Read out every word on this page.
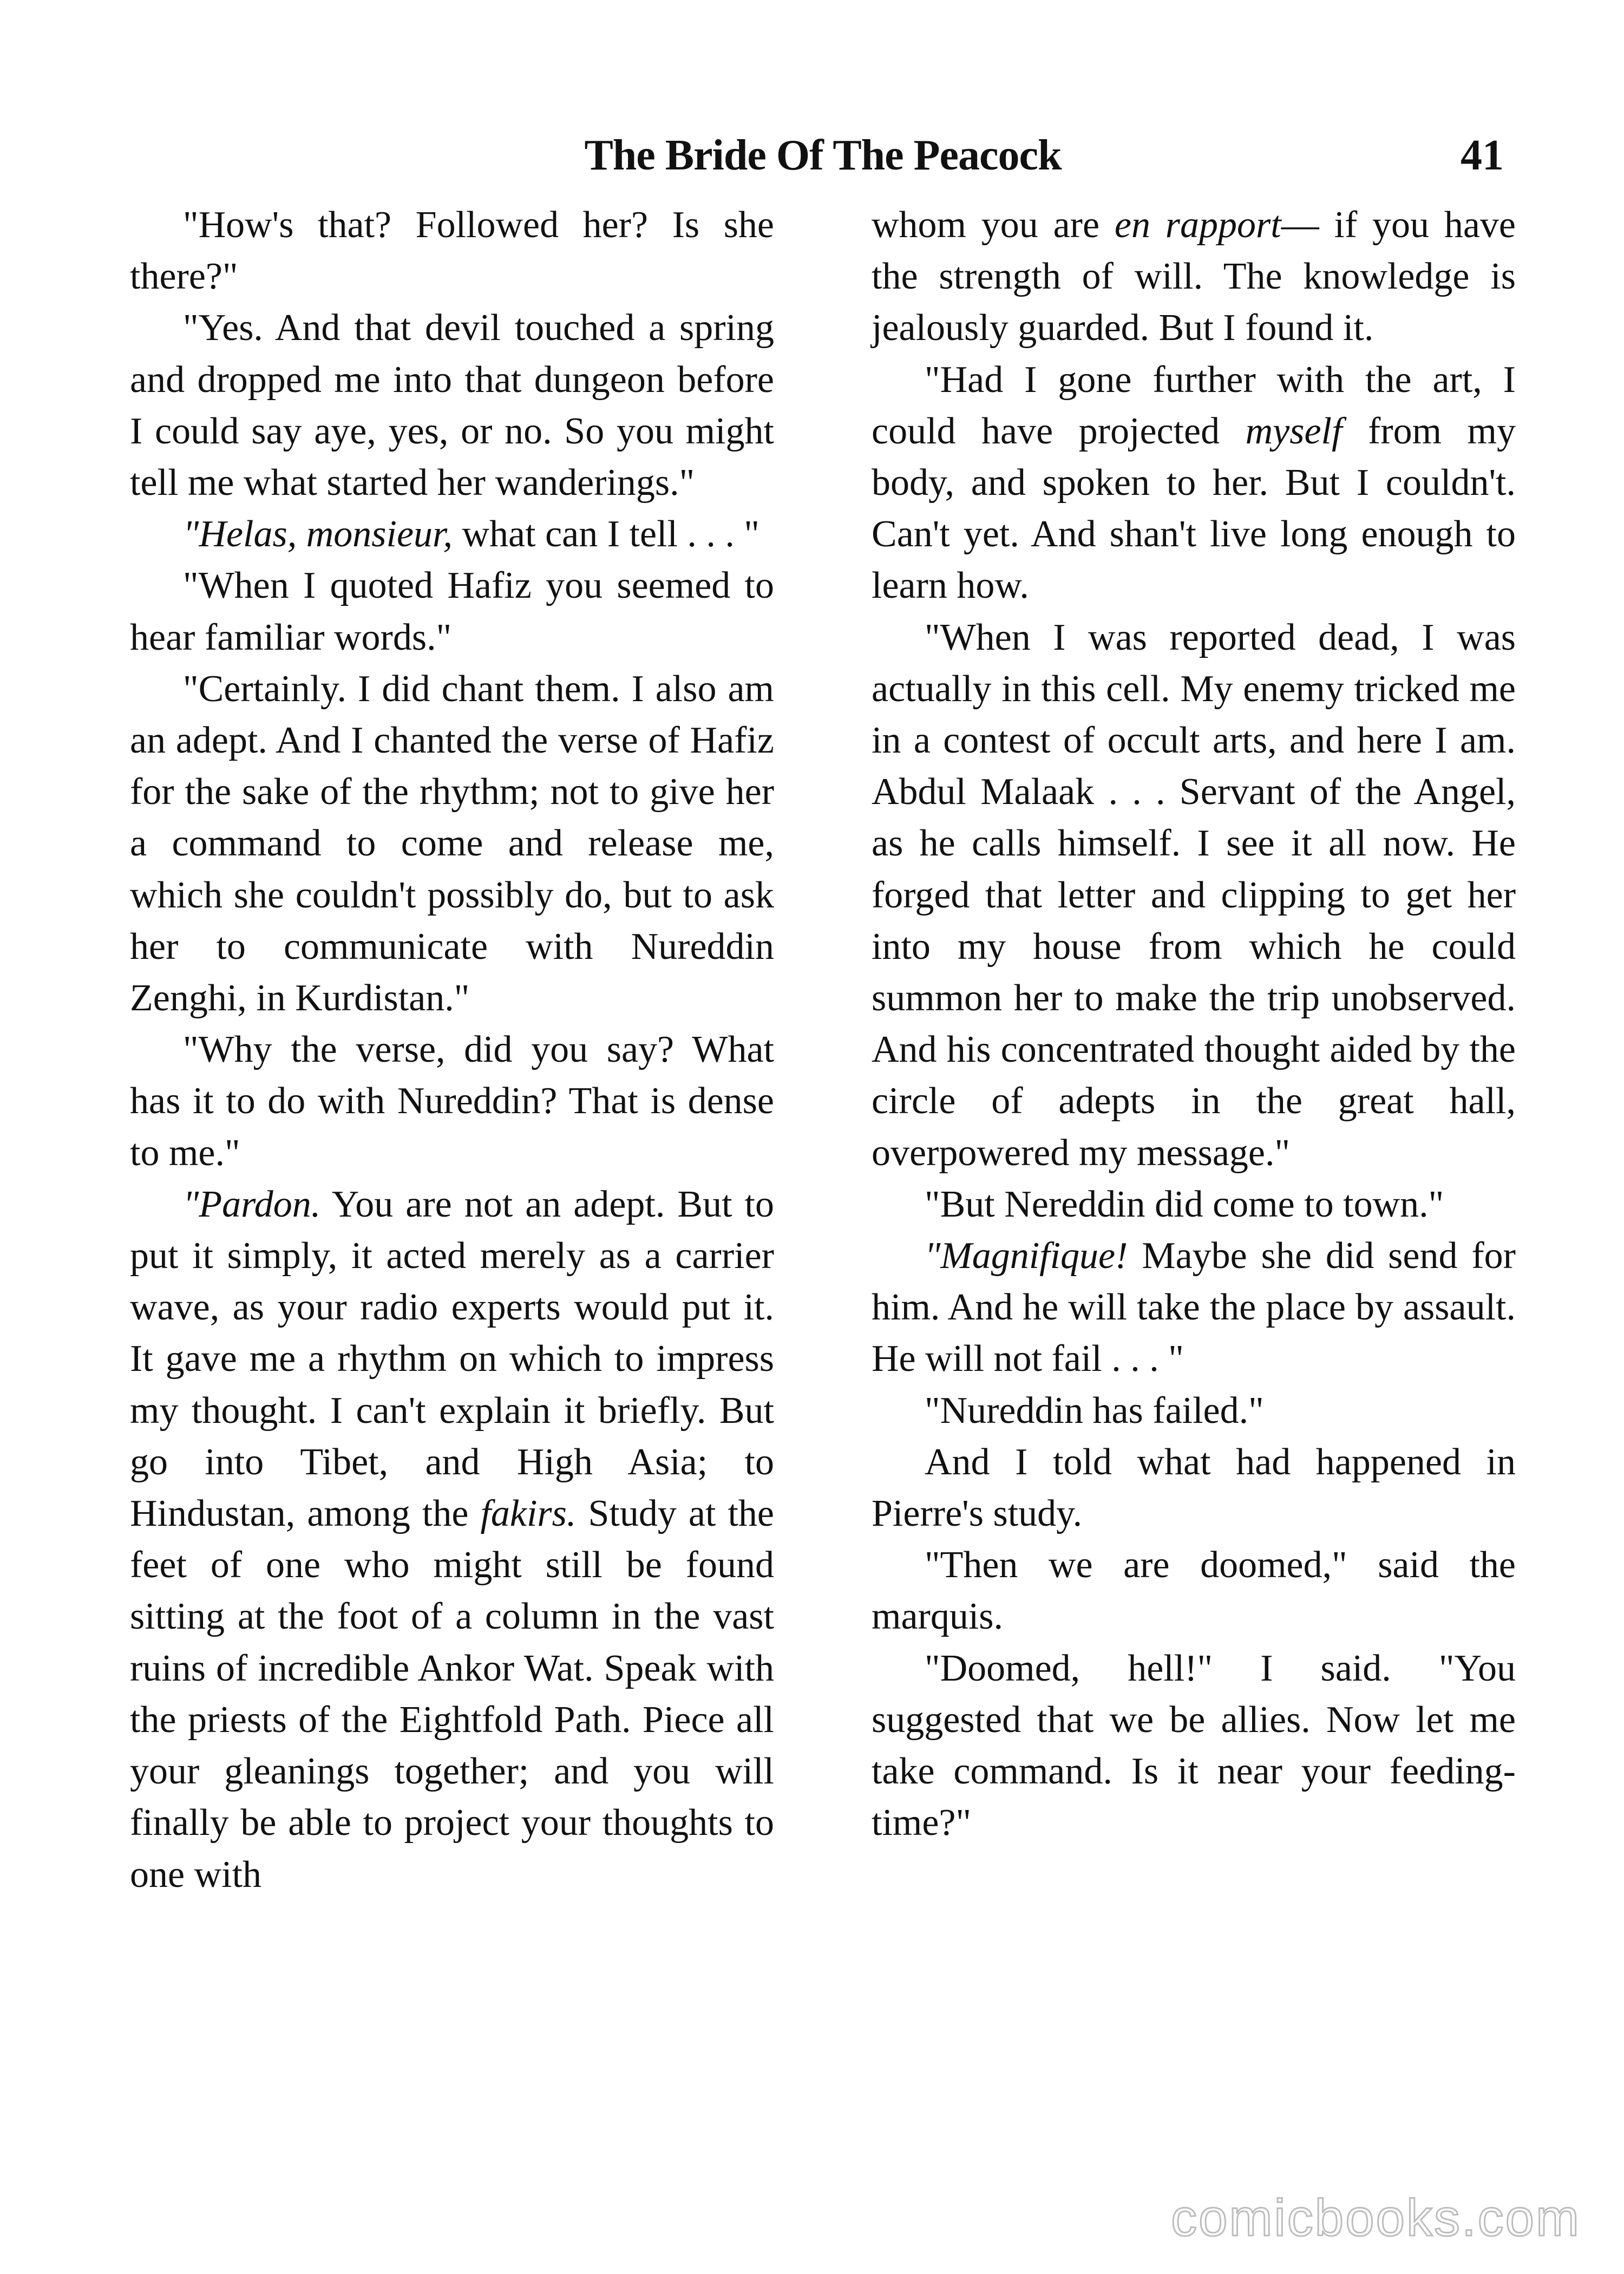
The Bride Of The Peacock	41

"How's that? Followed her? Is she there?"

"Yes. And that devil touched a spring and dropped me into that dungeon before I could say aye, yes, or no. So you might tell me what started her wanderings."

"Helas, monsieur, what can I tell . . . "

"When I quoted Hafiz you seemed to hear familiar words."

"Certainly. I did chant them. I also am an adept. And I chanted the verse of Hafiz for the sake of the rhythm; not to give her a command to come and release me, which she couldn't possibly do, but to ask her to communicate with Nureddin Zenghi, in Kurdistan."

"Why the verse, did you say? What has it to do with Nureddin? That is dense to me."

"Pardon. You are not an adept. But to put it simply, it acted merely as a carrier wave, as your radio experts would put it. It gave me a rhythm on which to impress my thought. I can't explain it briefly. But go into Tibet, and High Asia; to Hindustan, among the fakirs. Study at the feet of one who might still be found sitting at the foot of a column in the vast ruins of incredible Ankor Wat. Speak with the priests of the Eightfold Path. Piece all your gleanings together; and you will finally be able to project your thoughts to one with

whom you are en rapport— if you have the strength of will. The knowledge is jealously guarded. But I found it.

"Had I gone further with the art, I could have projected myself from my body, and spoken to her. But I couldn't. Can't yet. And shan't live long enough to learn how.

"When I was reported dead, I was actually in this cell. My enemy tricked me in a contest of occult arts, and here I am. Abdul Malaak . . . Servant of the Angel, as he calls himself. I see it all now. He forged that letter and clipping to get her into my house from which he could summon her to make the trip unobserved. And his concentrated thought aided by the circle of adepts in the great hall, overpowered my message."

"But Nereddin did come to town."

"Magnifique! Maybe she did send for him. And he will take the place by assault. He will not fail . . . "

"Nureddin has failed."

And I told what had happened in Pierre's study.

"Then we are doomed," said the marquis.

"Doomed, hell!" I said. "You suggested that we be allies. Now let me take command. Is it near your feeding-time?"

comicbooks.com
